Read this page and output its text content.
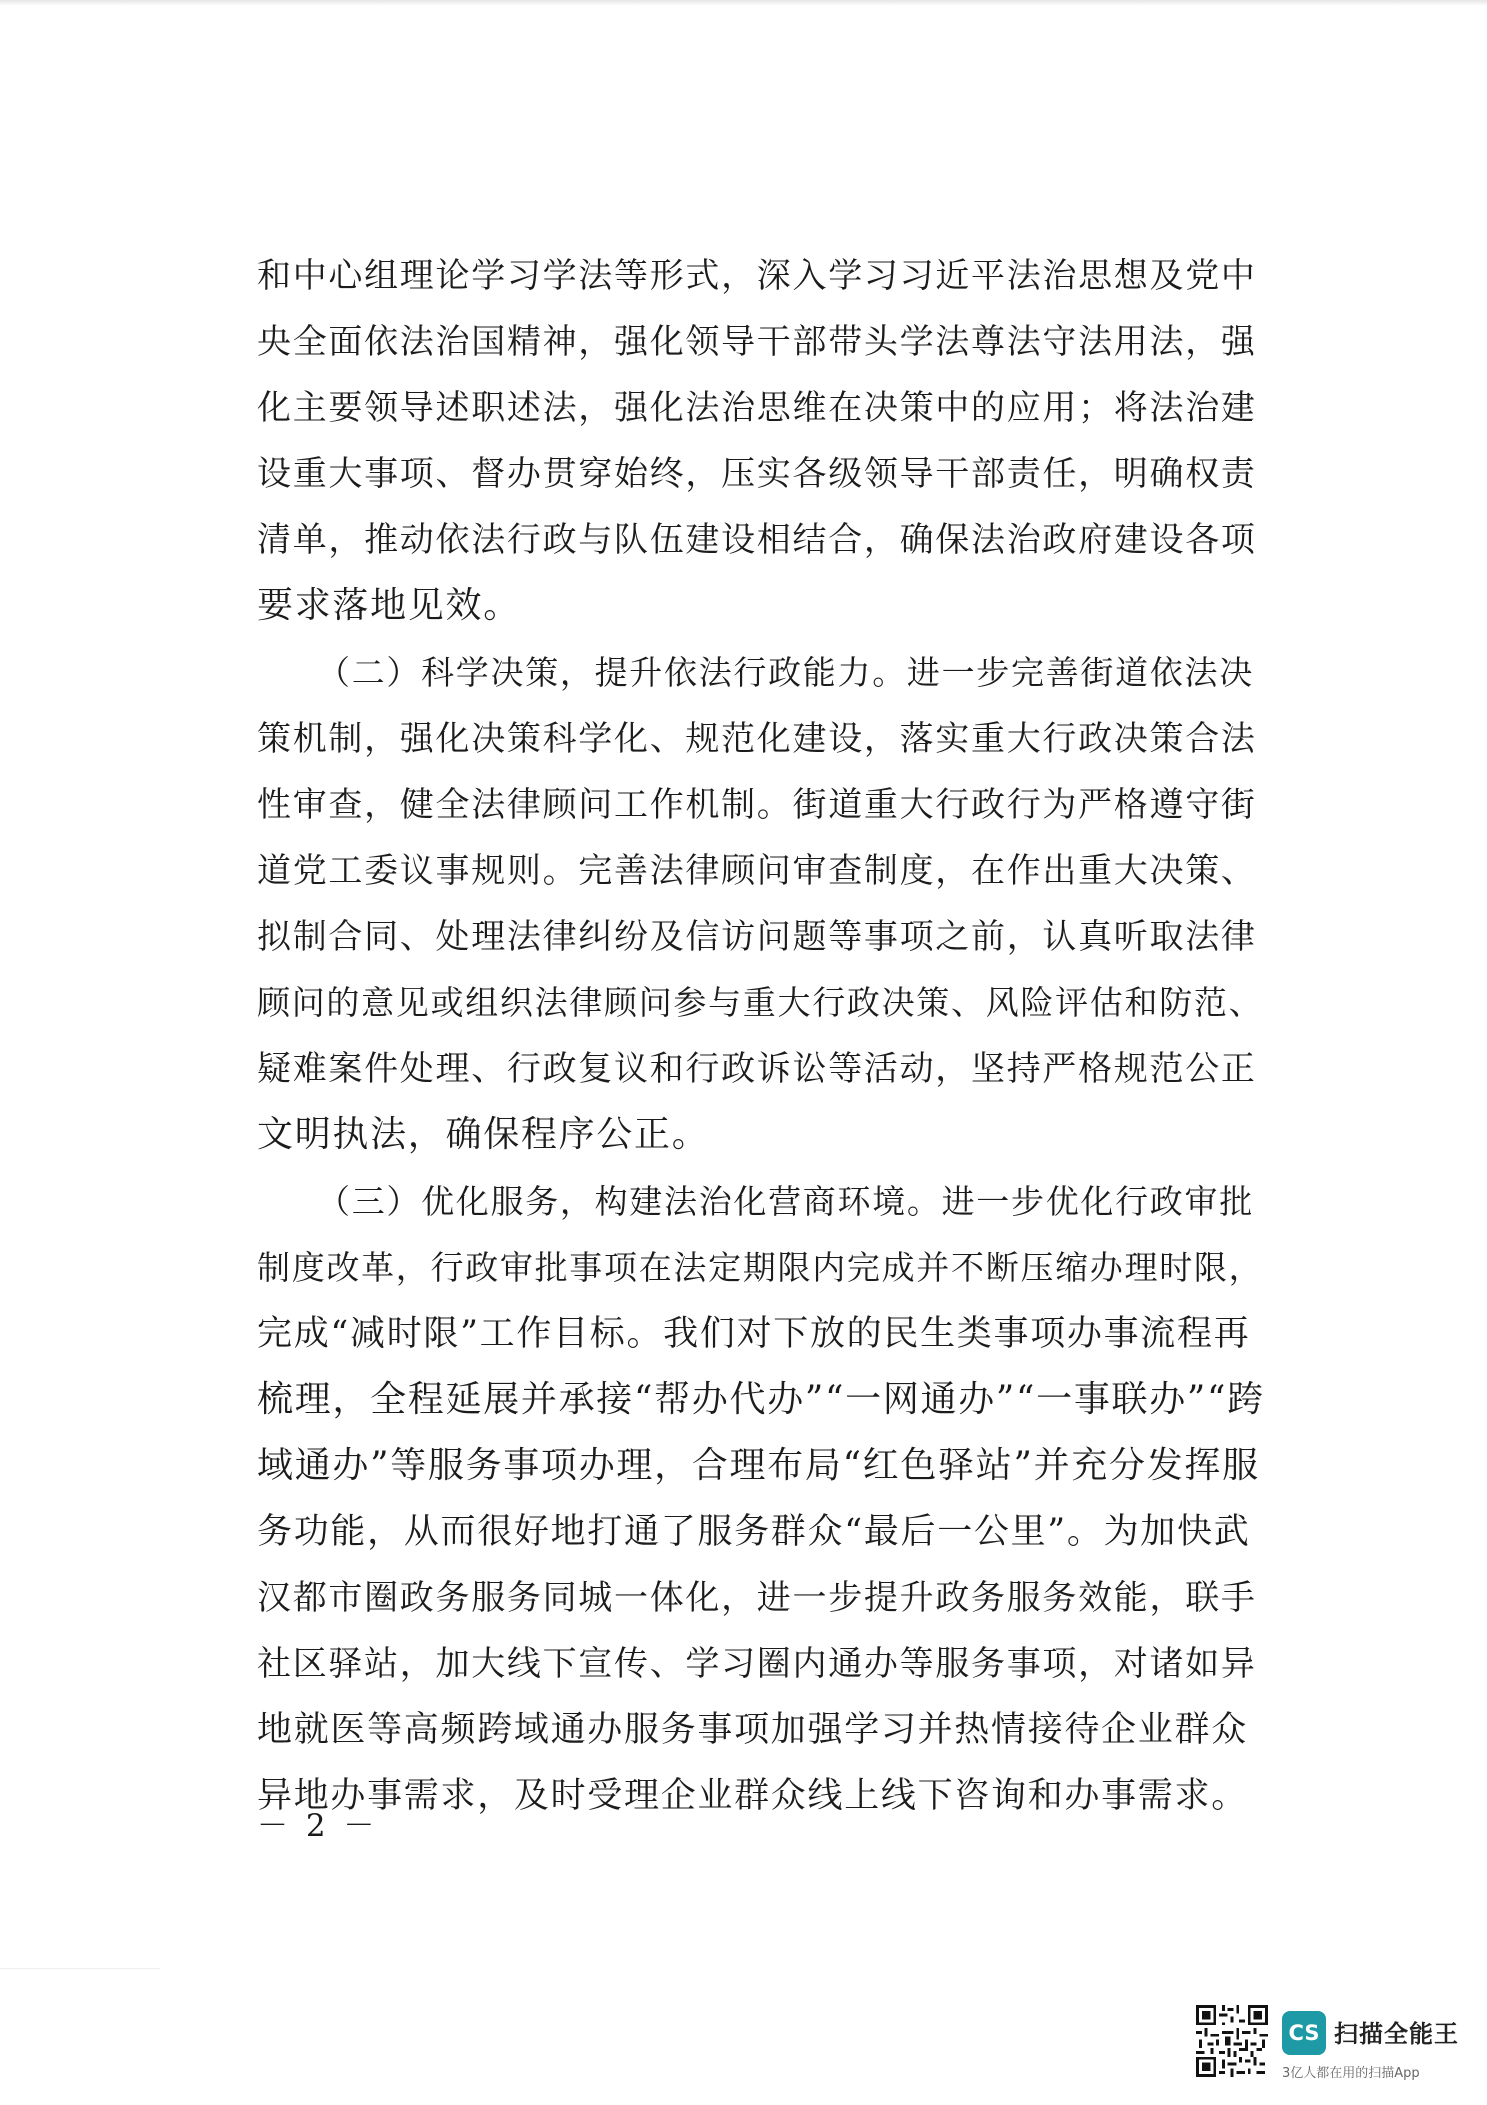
和中心组理论学习学法等形式，深入学习习近平法治思想及党中
央全面依法治国精神，强化领导干部带头学法尊法守法用法，强
化主要领导述职述法，强化法治思维在决策中的应用；将法治建
设重大事项、督办贯穿始终，压实各级领导干部责任，明确权责
清单，推动依法行政与队伍建设相结合，确保法治政府建设各项
要求落地见效。
（二）科学决策，提升依法行政能力。进一步完善街道依法决
策机制，强化决策科学化、规范化建设，落实重大行政决策合法
性审查，健全法律顾问工作机制。街道重大行政行为严格遵守街
道党工委议事规则。完善法律顾问审查制度，在作出重大决策、
拟制合同、处理法律纠纷及信访问题等事项之前，认真听取法律
顾问的意见或组织法律顾问参与重大行政决策、风险评估和防范、
疑难案件处理、行政复议和行政诉讼等活动，坚持严格规范公正
文明执法，确保程序公正。
（三）优化服务，构建法治化营商环境。进一步优化行政审批
制度改革，行政审批事项在法定期限内完成并不断压缩办理时限，
完成“减时限”工作目标。我们对下放的民生类事项办事流程再
梳理，全程延展并承接“帮办代办”“一网通办”“一事联办”“跨
域通办”等服务事项办理，合理布局“红色驿站”并充分发挥服
务功能，从而很好地打通了服务群众“最后一公里”。为加快武
汉都市圈政务服务同城一体化，进一步提升政务服务效能，联手
社区驿站，加大线下宣传、学习圈内通办等服务事项，对诸如异
地就医等高频跨域通办服务事项加强学习并热情接待企业群众
异地办事需求，及时受理企业群众线上线下咨询和办事需求。
－ 2 －
CS 扫描全能王
3亿人都在用的扫描App
